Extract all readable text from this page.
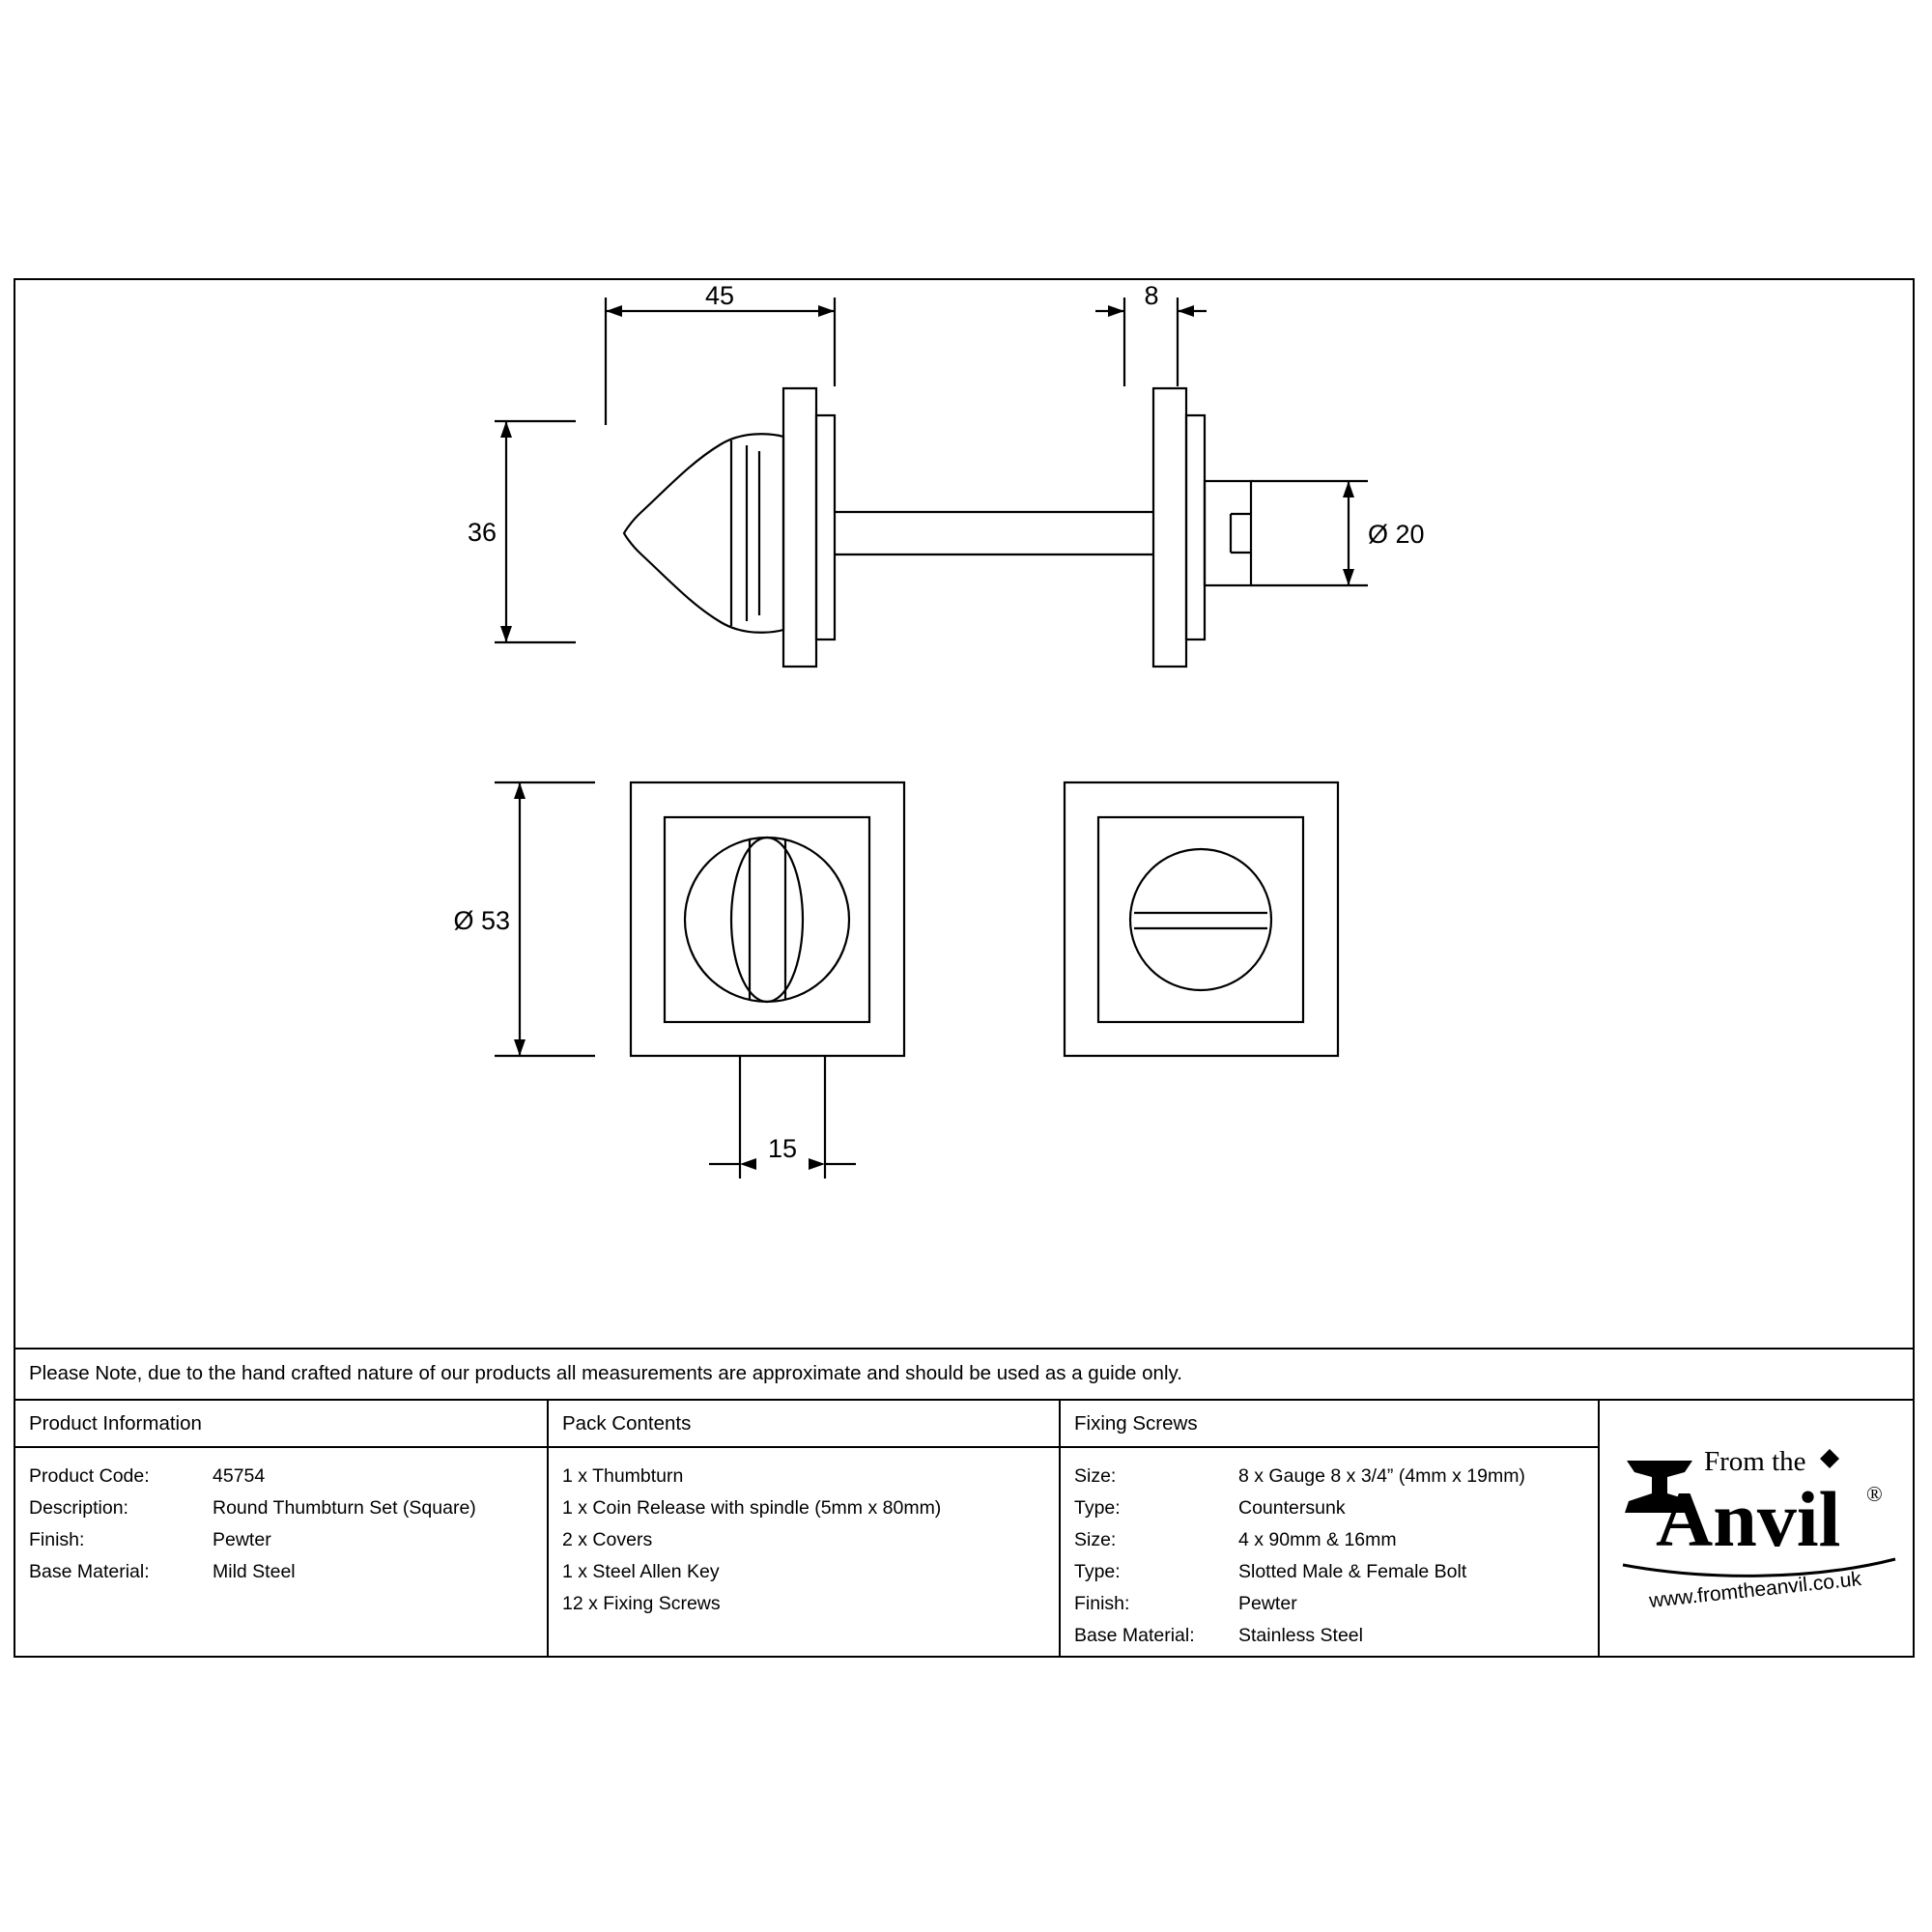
45	8
36	Ø 20
Ø 53
15
Please Note, due to the hand crafted nature of our products all measurements are approximate and should be used as a guide only.
Product Information
Product Code:	45754
Description:	Round Thumbturn Set (Square)
Finish:	Pewter
Base Material:	Mild Steel
Pack Contents
1 x Thumbturn
1 x Coin Release with spindle (5mm x 80mm)
2 x Covers
1 x Steel Allen Key
12 x Fixing Screws
Fixing Screws
Size:	8 x Gauge 8 x 3/4” (4mm x 19mm)
Type:	Countersunk
Size:	4 x 90mm & 16mm
Type:	Slotted Male & Female Bolt
Finish:	Pewter
Base Material: Stainless Steel
From the
Anvil ®
www.fromtheanvil.co.uk
